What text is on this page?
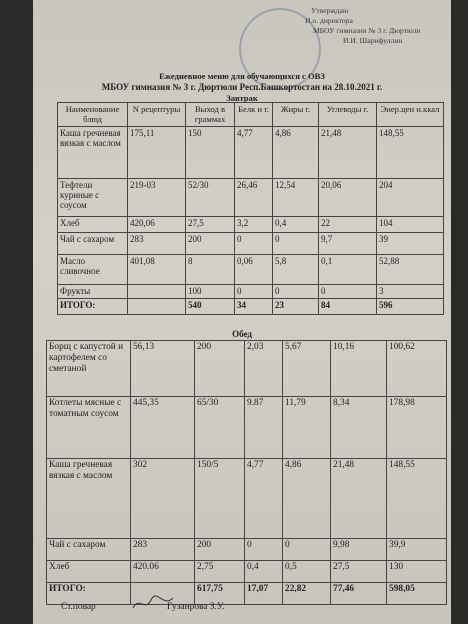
Утверждаю
И.о. директора
МБОУ гимназия № 3 г. Дюртюли
И.И. Шарифуллин
Ежедневное меню для обучающихся с ОВЗ
МБОУ гимназия № 3 г. Дюртюли Респ.Башкортостан на 28.10.2021 г.
Завтрак
Наименование блюд	N рецептуры	Выход в граммах	Белк и г.	Жиры г.	Углеводы г.	Энер.цен н.ккал
Каша гречневая вязкая с маслом	175,11	150	4,77	4,86	21,48	148,55
Тефтели куриные с соусом	219-03	52/30	26,46	12,54	20,06	204
Хлеб	420,06	27,5	3,2	0,4	22	104
Чай с сахаром	283	200	0	0	9,7	39
Масло сливочное	401,08	8	0,06	5,8	0,1	52,88
Фрукты		100	0	0	0	3
ИТОГО:		540	34	23	84	596
Обед
Борщ с капустой и картофелем со сметаной	56,13	200	2,03	5,67	10,16	100,62
Котлеты мясные с томатным соусом	445,35	65/30	9.87	11,79	8,34	178,98
Каша гречневая вязкая с маслом	302	150/5	4,77	4,86	21,48	148,55
Чай с сахаром	283	200	0	0	9,98	39,9
Хлеб	420.06	2,75	0,4	0,5	27,5	130
ИТОГО:		617,75	17,07	22,82	77,46	598,05
Ст.повар	Гузанрова З.У.
